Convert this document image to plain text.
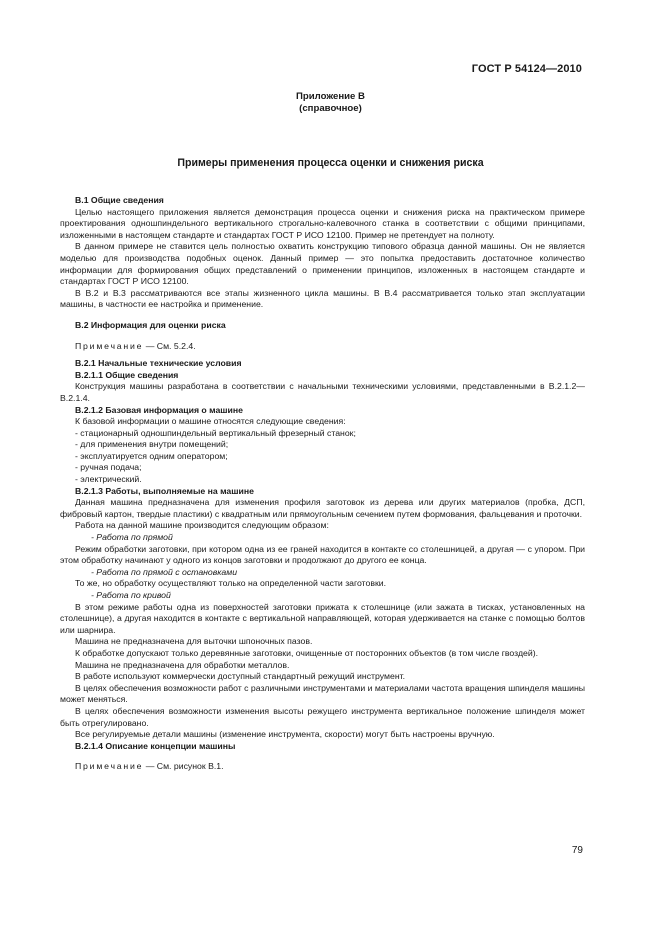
ГОСТ Р 54124—2010
Приложение В
(справочное)
Примеры применения процесса оценки и снижения риска

В.1 Общие сведения

Целью настоящего приложения является демонстрация процесса оценки и снижения риска на практическом примере проектирования одношпиндельного вертикального строгально-калевочного станка в соответствии с общими принципами, изложенными в настоящем стандарте и стандартах ГОСТ Р ИСО 12100. Пример не претендует на полноту.

В данном примере не ставится цель полностью охватить конструкцию типового образца данной машины. Он не является моделью для производства подобных оценок. Данный пример — это попытка предоставить достаточное количество информации для формирования общих представлений о применении принципов, изложенных в настоящем стандарте и стандартах ГОСТ Р ИСО 12100.

В В.2 и В.3 рассматриваются все этапы жизненного цикла машины. В В.4 рассматривается только этап эксплуатации машины, в частности ее настройка и применение.

В.2 Информация для оценки риска

Примечание — См. 5.2.4.

В.2.1 Начальные технические условия

В.2.1.1 Общие сведения

Конструкция машины разработана в соответствии с начальными техническими условиями, представленными в В.2.1.2—В.2.1.4.

В.2.1.2 Базовая информация о машине

К базовой информации о машине относятся следующие сведения:

- стационарный одношпиндельный вертикальный фрезерный станок;

- для применения внутри помещений;

- эксплуатируется одним оператором;

- ручная подача;

- электрический.

В.2.1.3 Работы, выполняемые на машине

Данная машина предназначена для изменения профиля заготовок из дерева или других материалов (пробка, ДСП, фибровый картон, твердые пластики) с квадратным или прямоугольным сечением путем формования, фальцевания и проточки.

Работа на данной машине производится следующим образом:

- Работа по прямой

Режим обработки заготовки, при котором одна из ее граней находится в контакте со столешницей, а другая — с упором. При этом обработку начинают у одного из концов заготовки и продолжают до другого ее конца.

- Работа по прямой с остановками

То же, но обработку осуществляют только на определенной части заготовки.

- Работа по кривой

В этом режиме работы одна из поверхностей заготовки прижата к столешнице (или зажата в тисках, установленных на столешнице), а другая находится в контакте с вертикальной направляющей, которая удерживается на станке с помощью болтов или шарнира.

Машина не предназначена для выточки шпоночных пазов.

К обработке допускают только деревянные заготовки, очищенные от посторонних объектов (в том числе гвоздей).

Машина не предназначена для обработки металлов.

В работе используют коммерчески доступный стандартный режущий инструмент.

В целях обеспечения возможности работ с различными инструментами и материалами частота вращения шпинделя машины может меняться.

В целях обеспечения возможности изменения высоты режущего инструмента вертикальное положение шпинделя может быть отрегулировано.

Все регулируемые детали машины (изменение инструмента, скорости) могут быть настроены вручную.

В.2.1.4 Описание концепции машины

Примечание — См. рисунок В.1.

79
